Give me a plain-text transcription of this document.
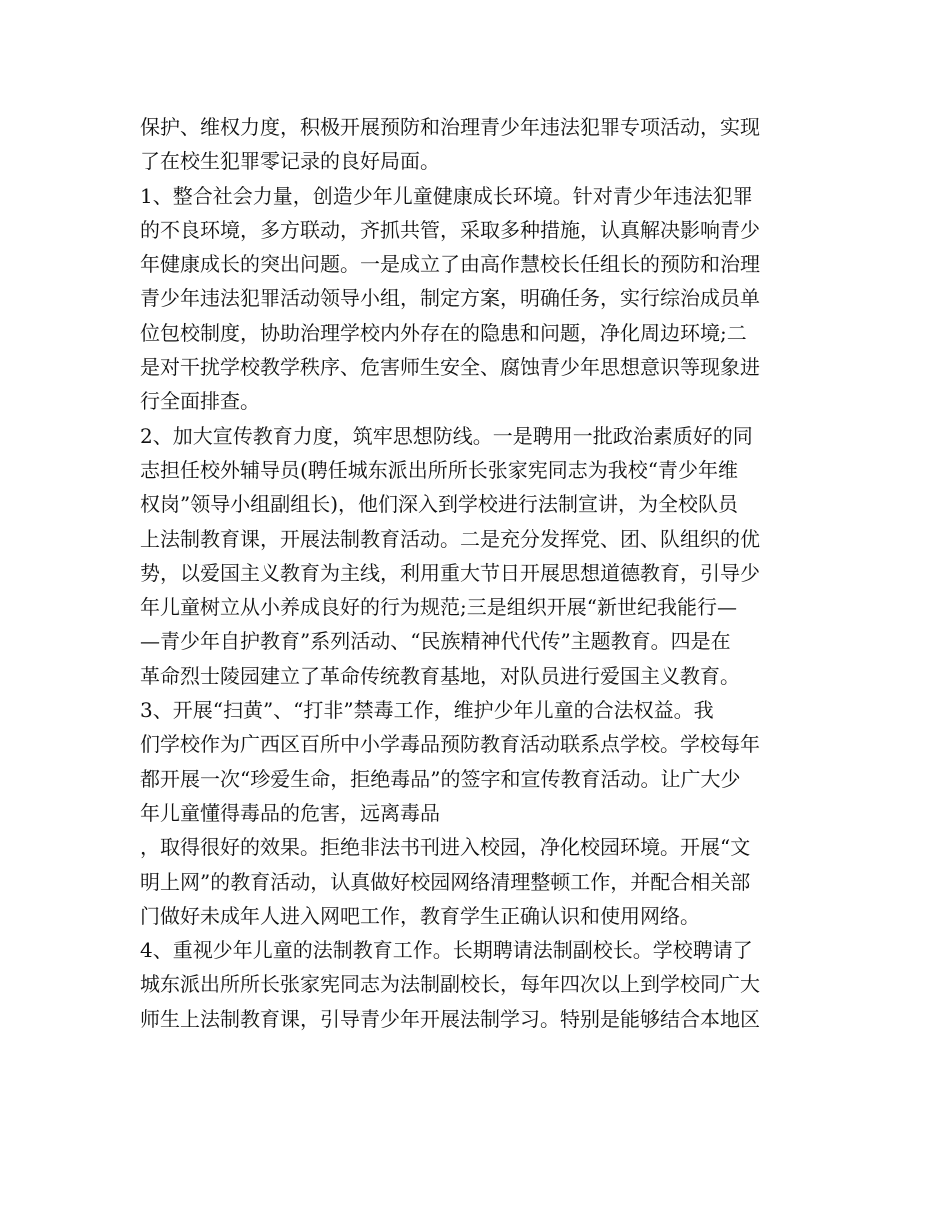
保护、维权力度，积极开展预防和治理青少年违法犯罪专项活动，实现
了在校生犯罪零记录的良好局面。
1、整合社会力量，创造少年儿童健康成长环境。针对青少年违法犯罪
的不良环境，多方联动，齐抓共管，采取多种措施，认真解决影响青少
年健康成长的突出问题。一是成立了由高作慧校长任组长的预防和治理
青少年违法犯罪活动领导小组，制定方案，明确任务，实行综治成员单
位包校制度，协助治理学校内外存在的隐患和问题，净化周边环境;二
是对干扰学校教学秩序、危害师生安全、腐蚀青少年思想意识等现象进
行全面排查。
2、加大宣传教育力度，筑牢思想防线。一是聘用一批政治素质好的同
志担任校外辅导员(聘任城东派出所所长张家宪同志为我校“青少年维
权岗”领导小组副组长)，他们深入到学校进行法制宣讲，为全校队员
上法制教育课，开展法制教育活动。二是充分发挥党、团、队组织的优
势，以爱国主义教育为主线，利用重大节日开展思想道德教育，引导少
年儿童树立从小养成良好的行为规范;三是组织开展“新世纪我能行—
—青少年自护教育”系列活动、“民族精神代代传”主题教育。四是在
革命烈士陵园建立了革命传统教育基地，对队员进行爱国主义教育。
3、开展“扫黄”、“打非”禁毒工作，维护少年儿童的合法权益。我
们学校作为广西区百所中小学毒品预防教育活动联系点学校。学校每年
都开展一次“珍爱生命，拒绝毒品”的签字和宣传教育活动。让广大少
年儿童懂得毒品的危害，远离毒品
，取得很好的效果。拒绝非法书刊进入校园，净化校园环境。开展“文
明上网”的教育活动，认真做好校园网络清理整顿工作，并配合相关部
门做好未成年人进入网吧工作，教育学生正确认识和使用网络。
4、重视少年儿童的法制教育工作。长期聘请法制副校长。学校聘请了
城东派出所所长张家宪同志为法制副校长，每年四次以上到学校同广大
师生上法制教育课，引导青少年开展法制学习。特别是能够结合本地区
